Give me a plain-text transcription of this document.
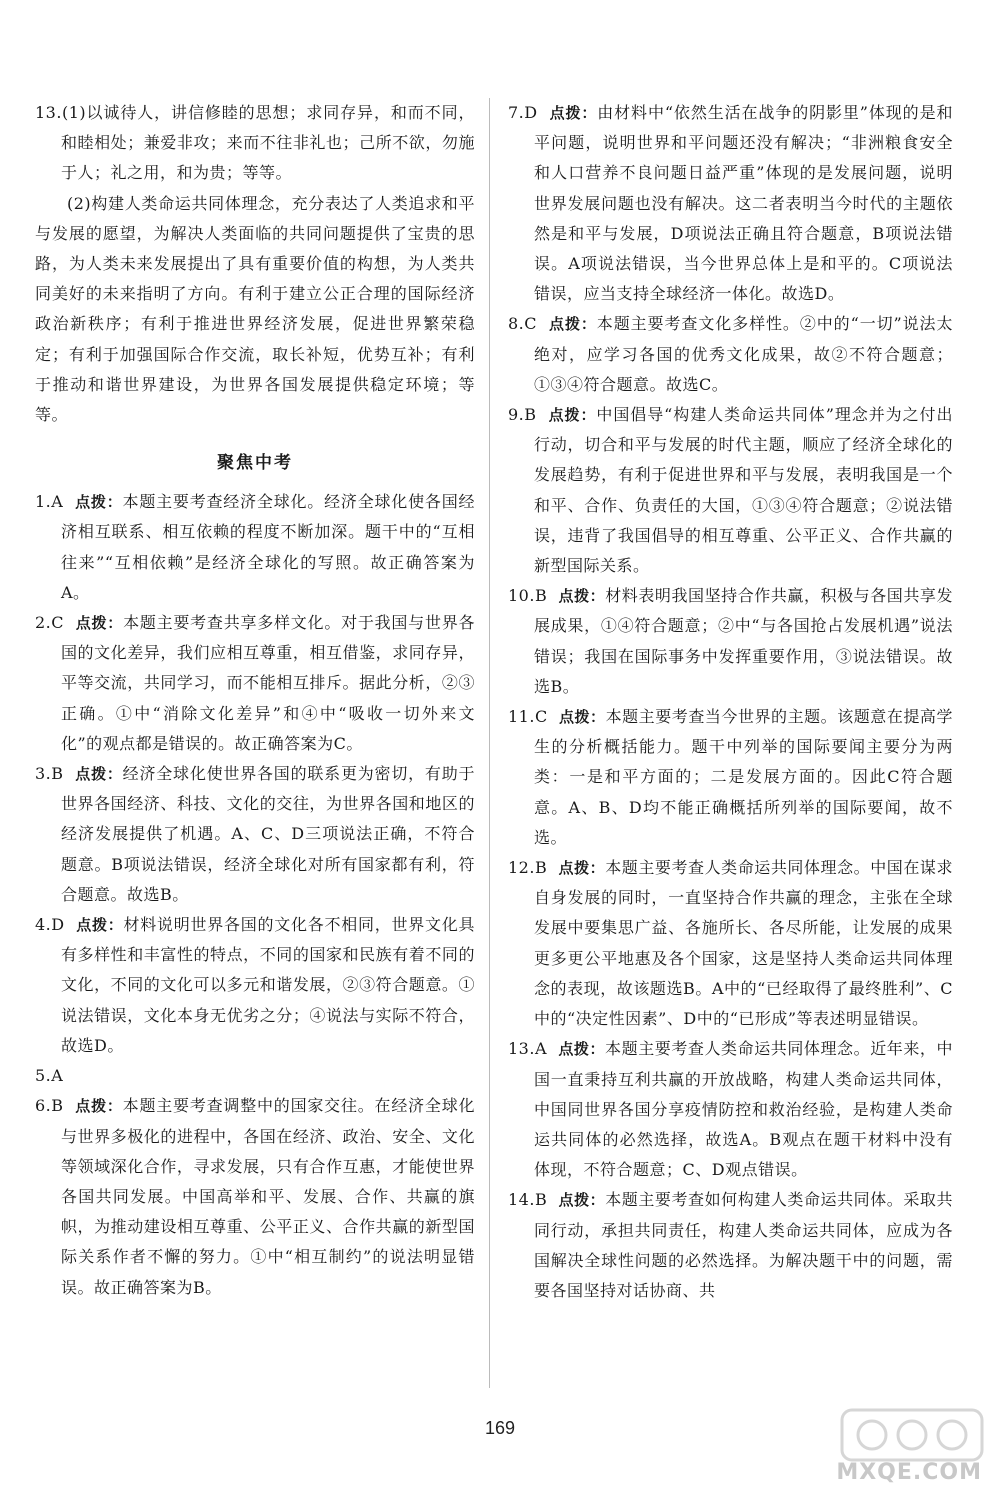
13.(1)以诚待人，讲信修睦的思想；求同存异，和而不同，和睦相处；兼爱非攻；来而不往非礼也；己所不欲，勿施于人；礼之用，和为贵；等等。

(2)构建人类命运共同体理念，充分表达了人类追求和平与发展的愿望，为解决人类面临的共同问题提供了宝贵的思路，为人类未来发展提出了具有重要价值的构想，为人类共同美好的未来指明了方向。有利于建立公正合理的国际经济政治新秩序；有利于推进世界经济发展，促进世界繁荣稳定；有利于加强国际合作交流，取长补短，优势互补；有利于推动和谐世界建设，为世界各国发展提供稳定环境；等等。

聚焦中考

1.A 点拨：本题主要考查经济全球化。经济全球化使各国经济相互联系、相互依赖的程度不断加深。题干中的“互相往来”“互相依赖”是经济全球化的写照。故正确答案为A。

2.C 点拨：本题主要考查共享多样文化。对于我国与世界各国的文化差异，我们应相互尊重，相互借鉴，求同存异，平等交流，共同学习，而不能相互排斥。据此分析，②③正确。①中“消除文化差异”和④中“吸收一切外来文化”的观点都是错误的。故正确答案为C。

3.B 点拨：经济全球化使世界各国的联系更为密切，有助于世界各国经济、科技、文化的交往，为世界各国和地区的经济发展提供了机遇。A、C、D三项说法正确，不符合题意。B项说法错误，经济全球化对所有国家都有利，符合题意。故选B。

4.D 点拨：材料说明世界各国的文化各不相同，世界文化具有多样性和丰富性的特点，不同的国家和民族有着不同的文化，不同的文化可以多元和谐发展，②③符合题意。①说法错误，文化本身无优劣之分；④说法与实际不符合，故选D。

5.A

6.B 点拨：本题主要考查调整中的国家交往。在经济全球化与世界多极化的进程中，各国在经济、政治、安全、文化等领域深化合作，寻求发展，只有合作互惠，才能使世界各国共同发展。中国高举和平、发展、合作、共赢的旗帜，为推动建设相互尊重、公平正义、合作共赢的新型国际关系作者不懈的努力。①中“相互制约”的说法明显错误。故正确答案为B。

7.D 点拨：由材料中“依然生活在战争的阴影里”体现的是和平问题，说明世界和平问题还没有解决；“非洲粮食安全和人口营养不良问题日益严重”体现的是发展问题，说明世界发展问题也没有解决。这二者表明当今时代的主题依然是和平与发展，D项说法正确且符合题意，B项说法错误。A项说法错误，当今世界总体上是和平的。C项说法错误，应当支持全球经济一体化。故选D。

8.C 点拨：本题主要考查文化多样性。②中的“一切”说法太绝对，应学习各国的优秀文化成果，故②不符合题意；①③④符合题意。故选C。

9.B 点拨：中国倡导“构建人类命运共同体”理念并为之付出行动，切合和平与发展的时代主题，顺应了经济全球化的发展趋势，有利于促进世界和平与发展，表明我国是一个和平、合作、负责任的大国，①③④符合题意；②说法错误，违背了我国倡导的相互尊重、公平正义、合作共赢的新型国际关系。

10.B 点拨：材料表明我国坚持合作共赢，积极与各国共享发展成果，①④符合题意；②中“与各国抢占发展机遇”说法错误；我国在国际事务中发挥重要作用，③说法错误。故选B。

11.C 点拨：本题主要考查当今世界的主题。该题意在提高学生的分析概括能力。题干中列举的国际要闻主要分为两类：一是和平方面的；二是发展方面的。因此C符合题意。A、B、D均不能正确概括所列举的国际要闻，故不选。

12.B 点拨：本题主要考查人类命运共同体理念。中国在谋求自身发展的同时，一直坚持合作共赢的理念，主张在全球发展中要集思广益、各施所长、各尽所能，让发展的成果更多更公平地惠及各个国家，这是坚持人类命运共同体理念的表现，故该题选B。A中的“已经取得了最终胜利”、C中的“决定性因素”、D中的“已形成”等表述明显错误。

13.A 点拨：本题主要考查人类命运共同体理念。近年来，中国一直秉持互利共赢的开放战略，构建人类命运共同体，中国同世界各国分享疫情防控和救治经验，是构建人类命运共同体的必然选择，故选A。B观点在题干材料中没有体现，不符合题意；C、D观点错误。

14.B 点拨：本题主要考查如何构建人类命运共同体。采取共同行动，承担共同责任，构建人类命运共同体，应成为各国解决全球性问题的必然选择。为解决题干中的问题，需要各国坚持对话协商、共

169
MXQE.COM
